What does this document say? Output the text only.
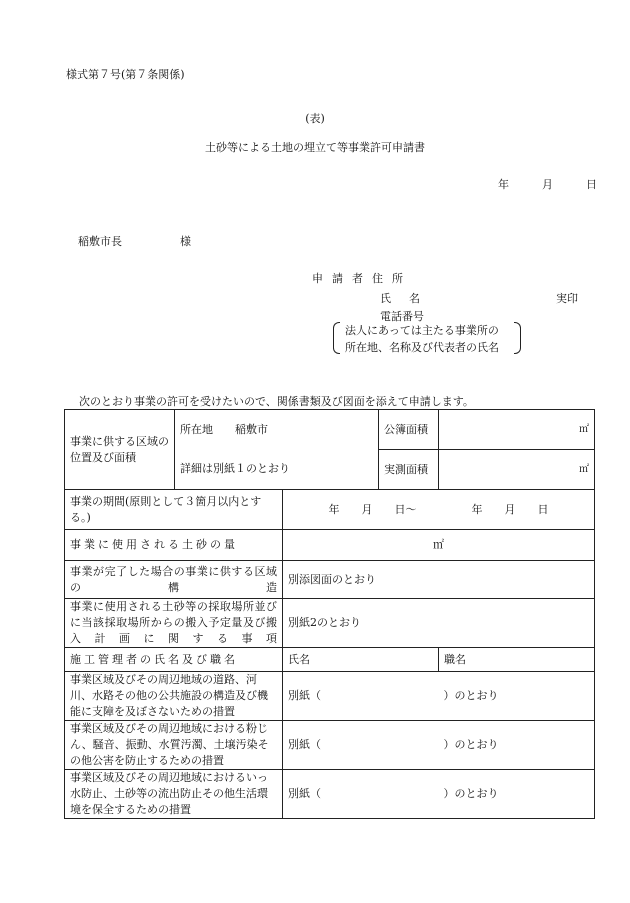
様式第７号(第７条関係)
(表)
土砂等による土地の埋立て等事業許可申請書
年	月	日
稲敷市長	様
申請者住所
氏名	実印
電話番号
法人にあっては主たる事業所の
所在地、名称及び代表者の氏名
次のとおり事業の許可を受けたいので、関係書類及び図面を添えて申請します。
事業に供する区域の位置及び面積	所在地　　稲敷市		公簿面積	㎡

	詳細は別紙１のとおり		実測面積	㎡

事業の期間(原則として３箇月以内とする。)		年　　月　　日～　　　　　年　　月　　日		
事業に使用される土砂の量		㎡		
事業が完了した場合の事業に供する区域の構造		別添図面のとおり		
事業に使用される土砂等の採取場所並びに当該採取場所からの搬入予定量及び搬入計画に関する事項		別紙2のとおり		
施工管理者の氏名及び職名		氏名		職名
事業区域及びその周辺地域の道路、河川、水路その他の公共施設の構造及び機能に支障を及ぼさないための措置		別紙（		）のとおり
事業区域及びその周辺地域における粉じん、騒音、振動、水質汚濁、土壌汚染その他公害を防止するための措置		別紙（		）のとおり
事業区域及びその周辺地域におけるいっ水防止、土砂等の流出防止その他生活環境を保全するための措置		別紙（		）のとおり
